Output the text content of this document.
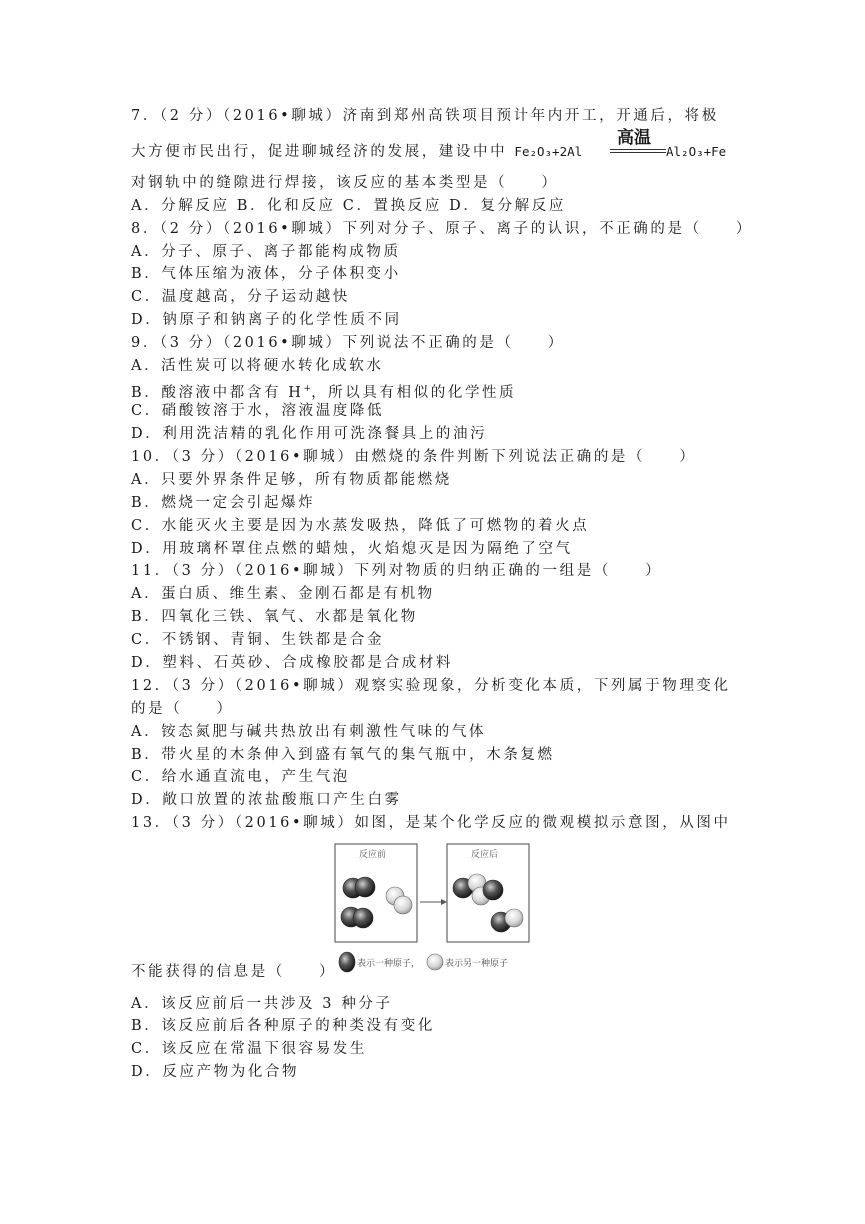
7．（2 分）（2016•聊城）济南到郑州高铁项目预计年内开工，开通后，将极
大方便市民出行，促进聊城经济的发展，建设中中 Fe₂O₃+2Al
高温
Al₂O₃+Fe
对钢轨中的缝隙进行焊接，该反应的基本类型是（　　）
A．分解反应 B．化和反应 C．置换反应 D．复分解反应
8．（2 分）（2016•聊城）下列对分子、原子、离子的认识，不正确的是（　　）
A．分子、原子、离子都能构成物质
B．气体压缩为液体，分子体积变小
C．温度越高，分子运动越快
D．钠原子和钠离子的化学性质不同
9．（3 分）（2016•聊城）下列说法不正确的是（　　）
A．活性炭可以将硬水转化成软水
B．酸溶液中都含有 H+，所以具有相似的化学性质
C．硝酸铵溶于水，溶液温度降低
D．利用洗洁精的乳化作用可洗涤餐具上的油污
10．（3 分）（2016•聊城）由燃烧的条件判断下列说法正确的是（　　）
A．只要外界条件足够，所有物质都能燃烧
B．燃烧一定会引起爆炸
C．水能灭火主要是因为水蒸发吸热，降低了可燃物的着火点
D．用玻璃杯罩住点燃的蜡烛，火焰熄灭是因为隔绝了空气
11．（3 分）（2016•聊城）下列对物质的归纳正确的一组是（　　）
A．蛋白质、维生素、金刚石都是有机物
B．四氧化三铁、氧气、水都是氧化物
C．不锈钢、青铜、生铁都是合金
D．塑料、石英砂、合成橡胶都是合成材料
12．（3 分）（2016•聊城）观察实验现象，分析变化本质，下列属于物理变化
的是（　　）
A．铵态氮肥与碱共热放出有刺激性气味的气体
B．带火星的木条伸入到盛有氧气的集气瓶中，木条复燃
C．给水通直流电，产生气泡
D．敞口放置的浓盐酸瓶口产生白雾
13．（3 分）（2016•聊城）如图，是某个化学反应的微观模拟示意图，从图中
反应前	反应后
表示一种原子，	表示另一种原子
不能获得的信息是（　　）
A．该反应前后一共涉及 3 种分子
B．该反应前后各种原子的种类没有变化
C．该反应在常温下很容易发生
D．反应产物为化合物
